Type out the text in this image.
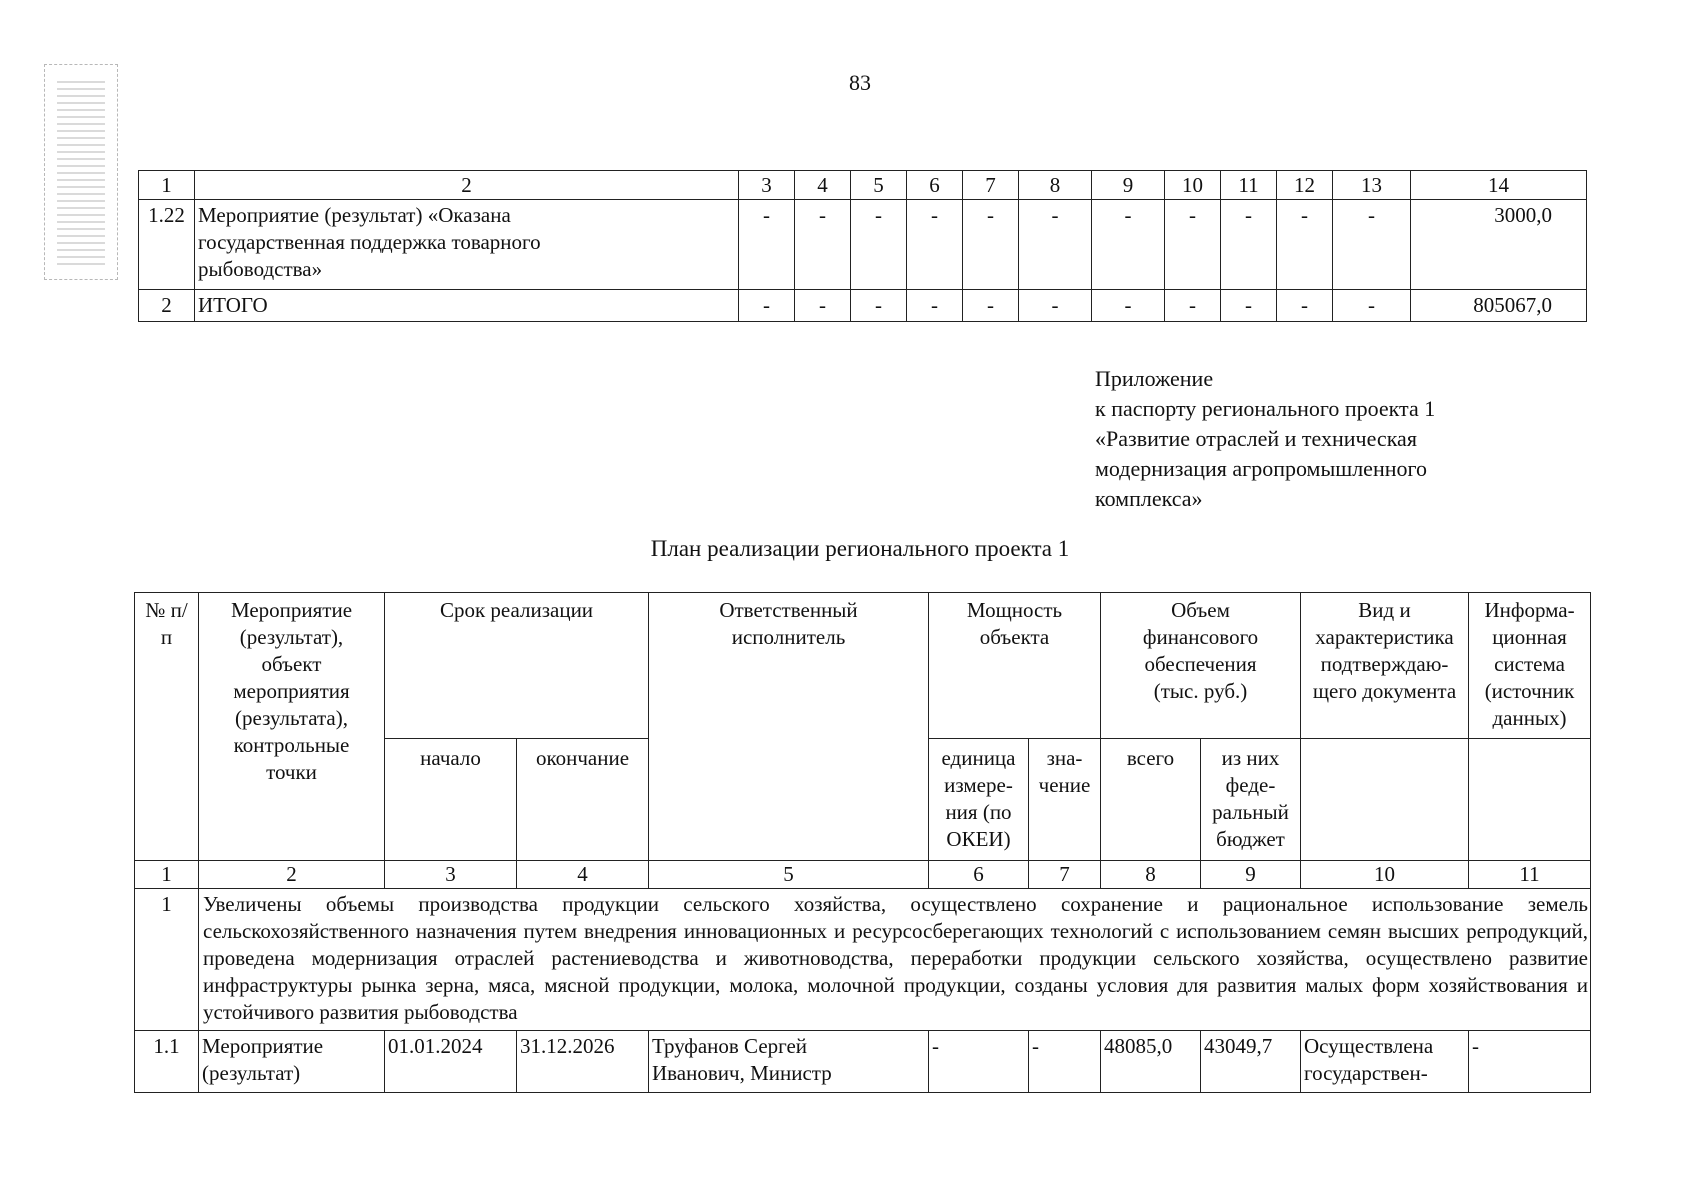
83
1	2	3	4	5	6	7	8	9	10	11	12	13	14
1.22	Мероприятие (результат) «Оказана государственная поддержка товарного рыбоводства»	-	-	-	-	-	-	-	-	-	-	-	3000,0
2	ИТОГО	-	-	-	-	-	-	-	-	-	-	-	805067,0
Приложение
к паспорту регионального проекта 1
«Развитие отраслей и техническая
модернизация агропромышленного
комплекса»
План реализации регионального проекта 1
№ п/п	Мероприятие (результат), объект мероприятия (результата), контрольные точки	Срок реализации		Ответственный исполнитель	Мощность объекта		Объем финансового обеспечения (тыс. руб.)		Вид и характеристика подтверждаю-щего документа	Информа-ционная система (источник данных)
		начало	окончание		единица измере-ния (по ОКЕИ)	зна-чение	всего	из них феде-ральный бюджет		
1	2	3	4	5	6	7	8	9	10	11
1	Увеличены объемы производства продукции сельского хозяйства, осуществлено сохранение и рациональное использование земель сельскохозяйственного назначения путем внедрения инновационных и ресурсосберегающих технологий с использованием семян высших репродукций, проведена модернизация отраслей растениеводства и животноводства, переработки продукции сельского хозяйства, осуществлено развитие инфраструктуры рынка зерна, мяса, мясной продукции, молока, молочной продукции, созданы условия для развития малых форм хозяйствования и устойчивого развития рыбоводства									
1.1	Мероприятие (результат)	01.01.2024	31.12.2026	Труфанов Сергей Иванович, Министр	-	-	48085,0	43049,7	Осуществлена государствен-	-
